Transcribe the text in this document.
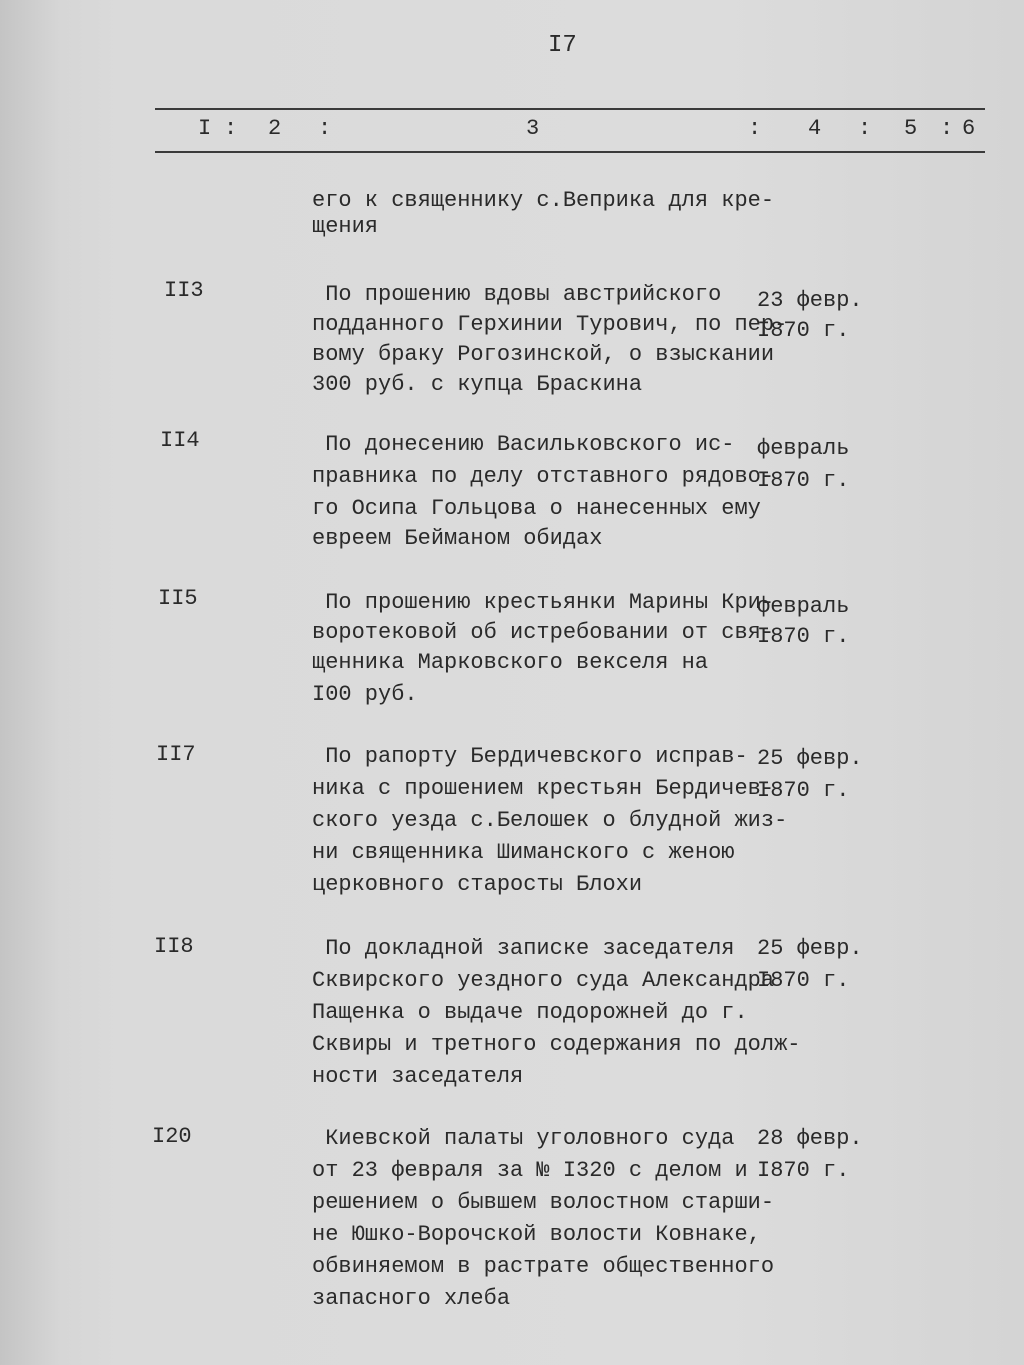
I7
I : 2 :	3	: 4 : 5 : 6
его к священнику с.Веприка для кре-
щения
II3	По прошению вдовы австрийского
подданного Герхинии Турович, по пер-
вому браку Рогозинской, о взыскании
300 руб. с купца Браскина
23 февр.
I870 г.
II4	По донесению Васильковского ис-
правника по делу отставного рядово-
го Осипа Гольцова о нанесенных ему
евреем Бейманом обидах
февраль
I870 г.
II5	По прошению крестьянки Марины Кри-
воротековой об истребовании от свя-
щенника Марковского векселя на
I00 руб.
февраль
I870 г.
II7	По рапорту Бердичевского исправ-
ника с прошением крестьян Бердичев-
ского уезда с.Белошек о блудной жиз-
ни священника Шиманского с женою
церковного старосты Блохи
25 февр.
I870 г.
II8	По докладной записке заседателя
Сквирского уездного суда Александра
Пащенка о выдаче подорожней до г.
Сквиры и третного содержания по долж-
ности заседателя
25 февр.
I870 г.
I20	Киевской палаты уголовного суда
от 23 февраля за № I320 с делом и
решением о бывшем волостном старши-
не Юшко-Ворочской волости Ковнаке,
обвиняемом в растрате общественного
запасного хлеба
28 февр.
I870 г.
